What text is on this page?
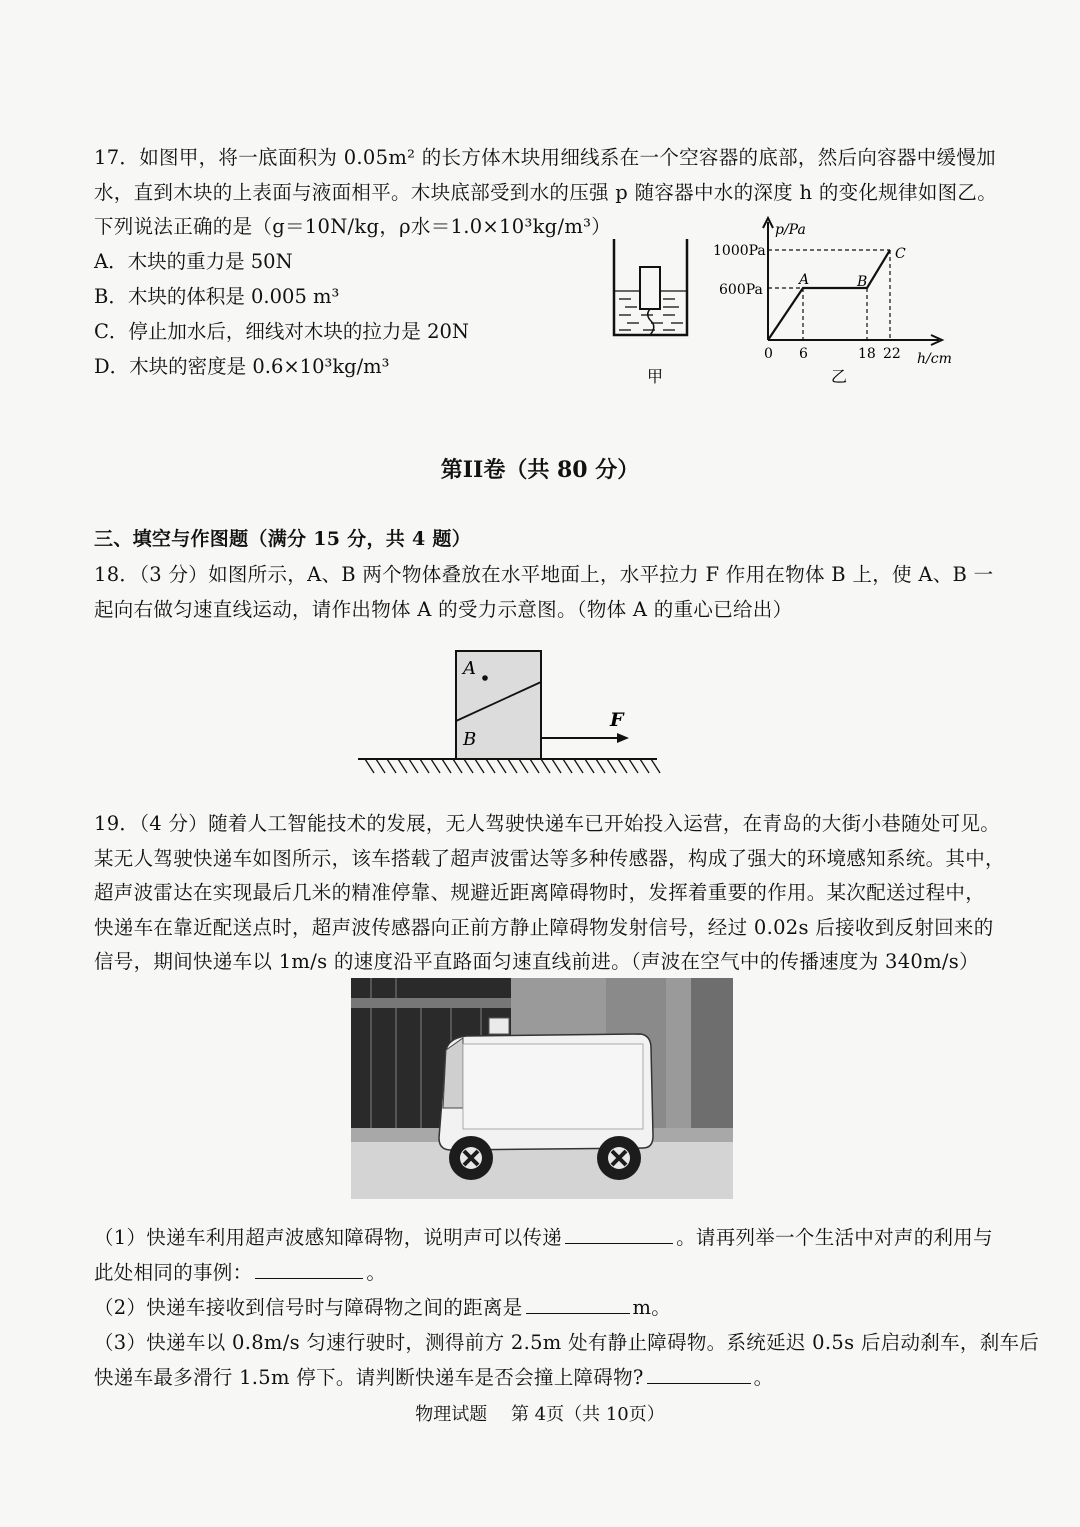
17．如图甲，将一底面积为 0.05m² 的长方体木块用细线系在一个空容器的底部，然后向容器中缓慢加
水，直到木块的上表面与液面相平。木块底部受到水的压强 p 随容器中水的深度 h 的变化规律如图乙。
下列说法正确的是（g＝10N/kg，ρ水＝1.0×10³kg/m³）
A．木块的重力是 50N
B．木块的体积是 0.005 m³
C．停止加水后，细线对木块的拉力是 20N
D．木块的密度是 0.6×10³kg/m³	甲
p/Pa
1000Pa
600Pa
0 6	18 22 h/cm
A	B
C
乙
第II卷（共 80 分）
三、填空与作图题（满分 15 分，共 4 题）
18．（3 分）如图所示，A、B 两个物体叠放在水平地面上，水平拉力 F 作用在物体 B 上，使 A、B 一
起向右做匀速直线运动，请作出物体 A 的受力示意图。（物体 A 的重心已给出）
A
B
F
19．（4 分）随着人工智能技术的发展，无人驾驶快递车已开始投入运营，在青岛的大街小巷随处可见。
某无人驾驶快递车如图所示，该车搭载了超声波雷达等多种传感器，构成了强大的环境感知系统。其中，
超声波雷达在实现最后几米的精准停靠、规避近距离障碍物时，发挥着重要的作用。某次配送过程中，
快递车在靠近配送点时，超声波传感器向正前方静止障碍物发射信号，经过 0.02s 后接收到反射回来的
信号，期间快递车以 1m/s 的速度沿平直路面匀速直线前进。（声波在空气中的传播速度为 340m/s）
（1）快递车利用超声波感知障碍物，说明声可以传递	。请再列举一个生活中对声的利用与
此处相同的事例：	。
（2）快递车接收到信号时与障碍物之间的距离是	m。
（3）快递车以 0.8m/s 匀速行驶时，测得前方 2.5m 处有静止障碍物。系统延迟 0.5s 后启动刹车，刹车后
快递车最多滑行 1.5m 停下。请判断快递车是否会撞上障碍物?	。
物理试题　 第 4页（共 10页）
